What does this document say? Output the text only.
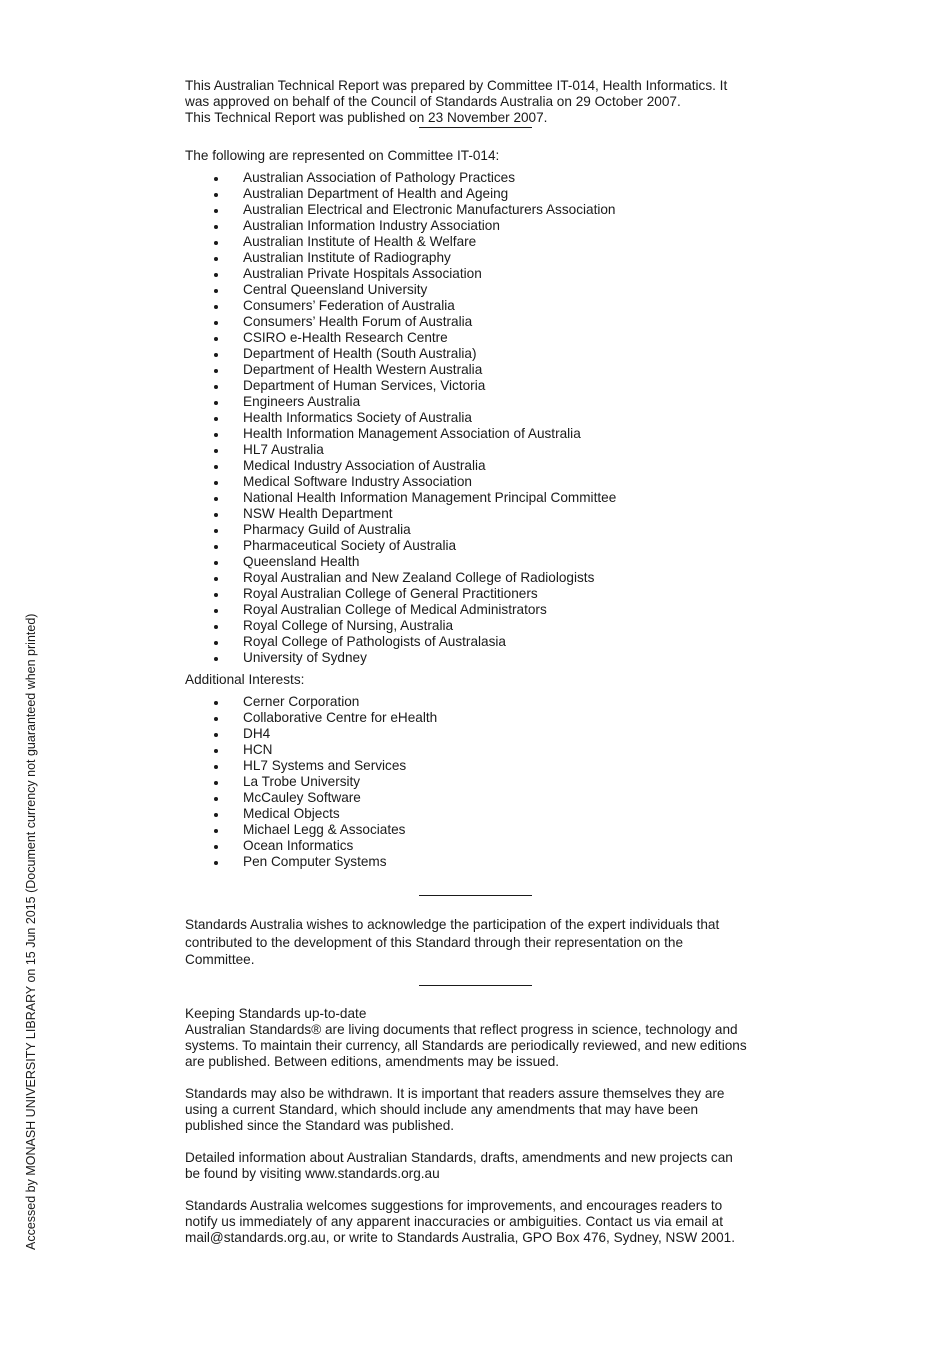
Accessed by MONASH UNIVERSITY LIBRARY on 15 Jun 2015 (Document currency not guaranteed when printed)
This Australian Technical Report was prepared by Committee IT-014, Health Informatics. It
was approved on behalf of the Council of Standards Australia on 29 October 2007.
This Technical Report was published on 23 November 2007.
The following are represented on Committee IT-014:
Australian Association of Pathology Practices
Australian Department of Health and Ageing
Australian Electrical and Electronic Manufacturers Association
Australian Information Industry Association
Australian Institute of Health & Welfare
Australian Institute of Radiography
Australian Private Hospitals Association
Central Queensland University
Consumers’ Federation of Australia
Consumers’ Health Forum of Australia
CSIRO e-Health Research Centre
Department of Health (South Australia)
Department of Health Western Australia
Department of Human Services, Victoria
Engineers Australia
Health Informatics Society of Australia
Health Information Management Association of Australia
HL7 Australia
Medical Industry Association of Australia
Medical Software Industry Association
National Health Information Management Principal Committee
NSW Health Department
Pharmacy Guild of Australia
Pharmaceutical Society of Australia
Queensland Health
Royal Australian and New Zealand College of Radiologists
Royal Australian College of General Practitioners
Royal Australian College of Medical Administrators
Royal College of Nursing, Australia
Royal College of Pathologists of Australasia
University of Sydney
Additional Interests:
Cerner Corporation
Collaborative Centre for eHealth
DH4
HCN
HL7 Systems and Services
La Trobe University
McCauley Software
Medical Objects
Michael Legg & Associates
Ocean Informatics
Pen Computer Systems
Standards Australia wishes to acknowledge the participation of the expert individuals that
contributed to the development of this Standard through their representation on the
Committee.
Keeping Standards up-to-date
Australian Standards® are living documents that reflect progress in science, technology and
systems. To maintain their currency, all Standards are periodically reviewed, and new editions
are published. Between editions, amendments may be issued.
Standards may also be withdrawn. It is important that readers assure themselves they are
using a current Standard, which should include any amendments that may have been
published since the Standard was published.
Detailed information about Australian Standards, drafts, amendments and new projects can
be found by visiting www.standards.org.au
Standards Australia welcomes suggestions for improvements, and encourages readers to
notify us immediately of any apparent inaccuracies or ambiguities. Contact us via email at
mail@standards.org.au, or write to Standards Australia, GPO Box 476, Sydney, NSW 2001.
